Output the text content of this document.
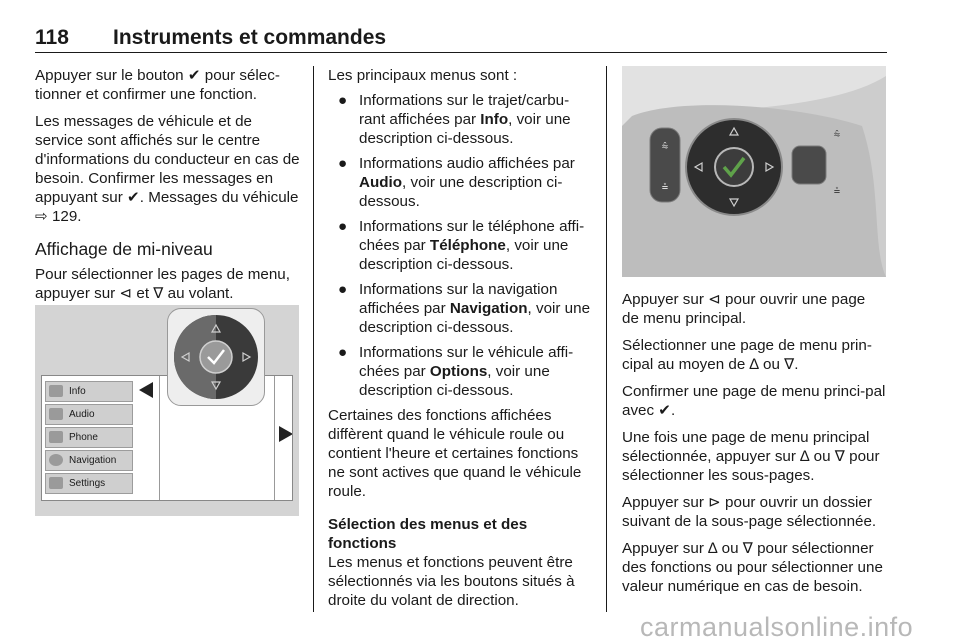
118 Instruments et commandes

Appuyer sur le bouton ✔ pour sélec-tionner et confirmer une fonction.

Les messages de véhicule et de service sont affichés sur le centre d'informations du conducteur en cas de besoin. Confirmer les messages en appuyant sur ✔. Messages du véhicule ⇨ 129.

Affichage de mi-niveau

Pour sélectionner les pages de menu, appuyer sur ⊲ et ∇ au volant.

Info
Audio
Phone
Navigation
Settings

Les principaux menus sont :

● Informations sur le trajet/carbu-rant affichées par Info, voir une description ci-dessous.
● Informations audio affichées par Audio, voir une description ci-dessous.
● Informations sur le téléphone affi-chées par Téléphone, voir une description ci-dessous.
● Informations sur la navigation affichées par Navigation, voir une description ci-dessous.
● Informations sur le véhicule affi-chées par Options, voir une description ci-dessous.

Certaines des fonctions affichées diffèrent quand le véhicule roule ou contient l'heure et certaines fonctions ne sont actives que quand le véhicule roule.

Sélection des menus et des fonctions
Les menus et fonctions peuvent être sélectionnés via les boutons situés à droite du volant de direction.

⩯
⩮
⩯
⩮

Appuyer sur ⊲ pour ouvrir une page de menu principal.

Sélectionner une page de menu prin-cipal au moyen de ∆ ou ∇.

Confirmer une page de menu princi-pal avec ✔.

Une fois une page de menu principal sélectionnée, appuyer sur ∆ ou ∇ pour sélectionner les sous-pages.

Appuyer sur ⊳ pour ouvrir un dossier suivant de la sous-page sélectionnée.

Appuyer sur ∆ ou ∇ pour sélectionner des fonctions ou pour sélectionner une valeur numérique en cas de besoin.

carmanualsonline.info
